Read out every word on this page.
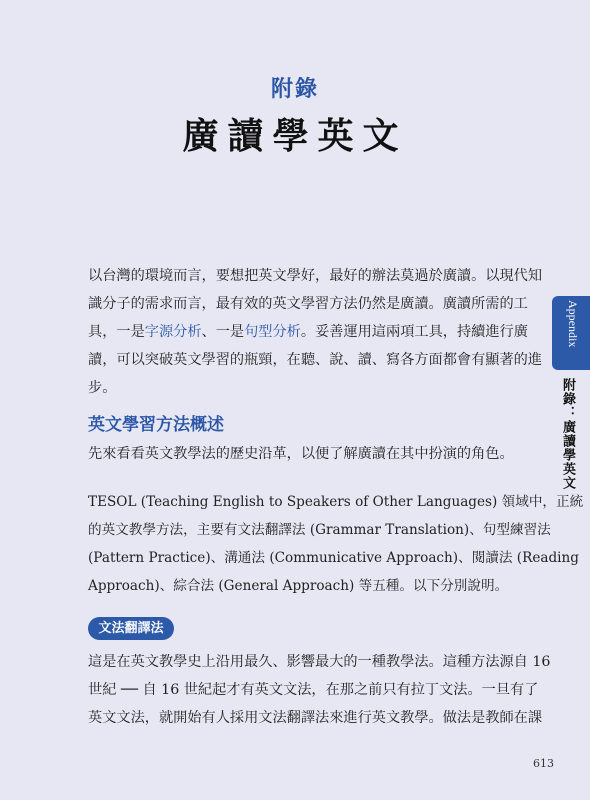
附錄
廣讀學英文

以台灣的環境而言，要想把英文學好，最好的辦法莫過於廣讀。以現代知
識分子的需求而言，最有效的英文學習方法仍然是廣讀。廣讀所需的工
具，一是字源分析、一是句型分析。妥善運用這兩項工具，持續進行廣
讀，可以突破英文學習的瓶頸，在聽、說、讀、寫各方面都會有顯著的進
步。

英文學習方法概述

先來看看英文教學法的歷史沿革，以便了解廣讀在其中扮演的角色。

TESOL (Teaching English to Speakers of Other Languages) 領域中，正統
的英文教學方法，主要有文法翻譯法 (Grammar Translation)、句型練習法
(Pattern Practice)、溝通法 (Communicative Approach)、閱讀法 (Reading
Approach)、綜合法 (General Approach) 等五種。以下分別說明。

文法翻譯法

這是在英文教學史上沿用最久、影響最大的一種教學法。這種方法源自 16
世紀 ── 自 16 世紀起才有英文文法，在那之前只有拉丁文法。一旦有了
英文文法，就開始有人採用文法翻譯法來進行英文教學。做法是教師在課

Appendix
附錄：廣讀學英文
613
